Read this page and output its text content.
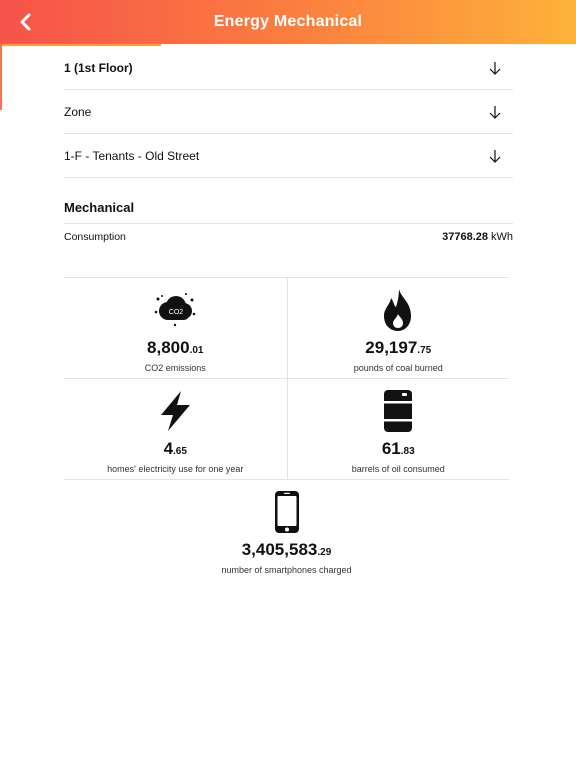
Energy Mechanical
1 (1st Floor)
Zone
1-F - Tenants - Old Street
Mechanical
Consumption	37768.28 kWh
CO2
8,800.01
CO2 emissions
29,197.75
pounds of coal burned
4.65
homes' electricity use for one year
61.83
barrels of oil consumed
3,405,583.29
number of smartphones charged
